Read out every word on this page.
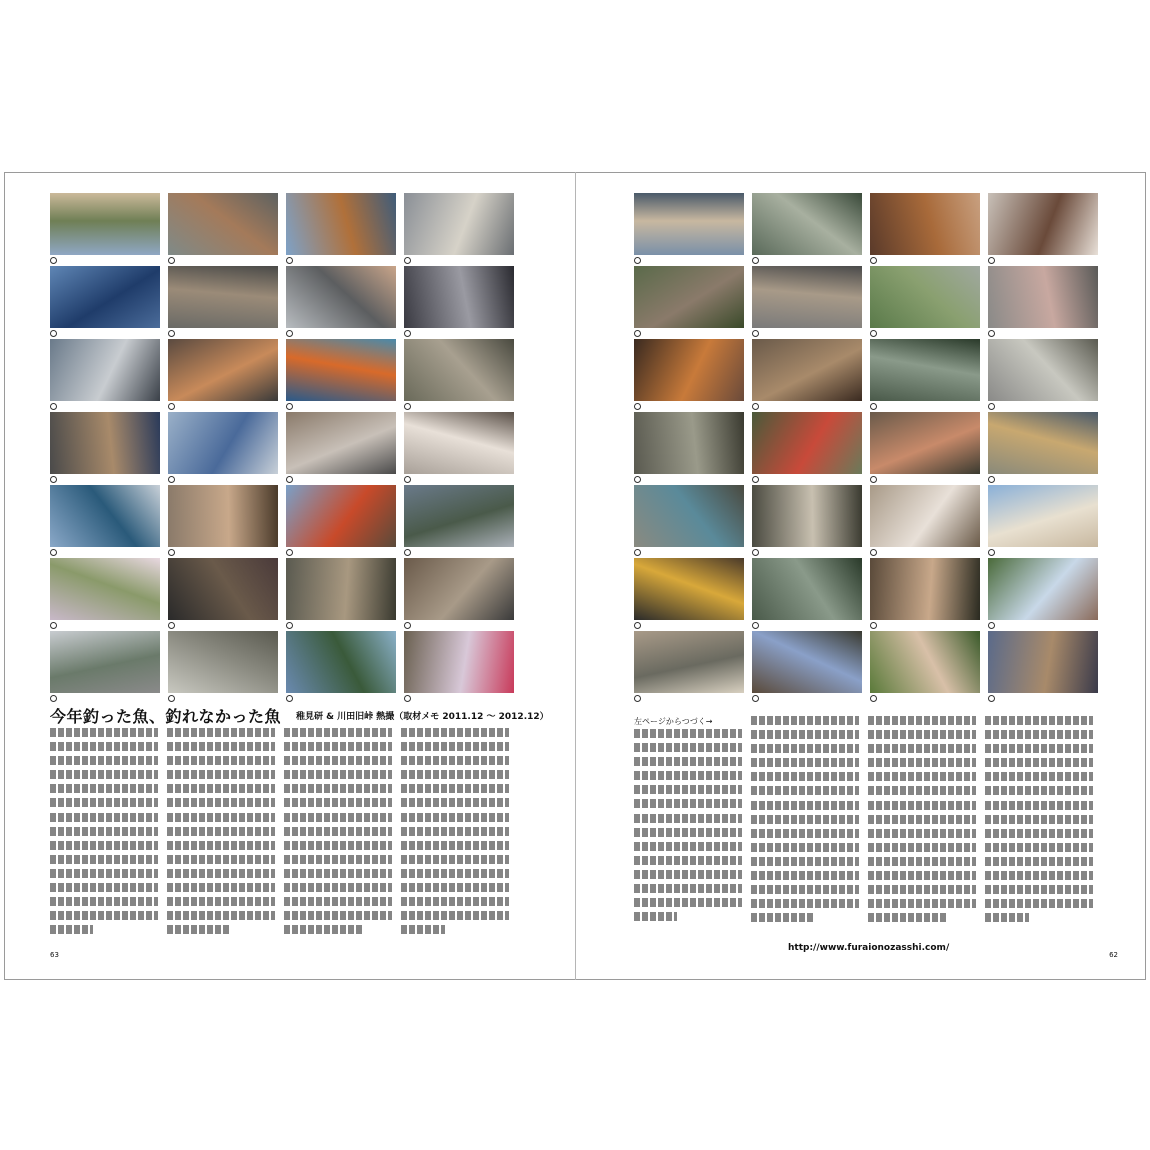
今年釣った魚、釣れなかった魚 稚見研 & 川田旧峠 熱撮（取材メモ 2011.12 ～ 2012.12）	左ページからつづく→
http://www.furaionozasshi.com/
63	62
